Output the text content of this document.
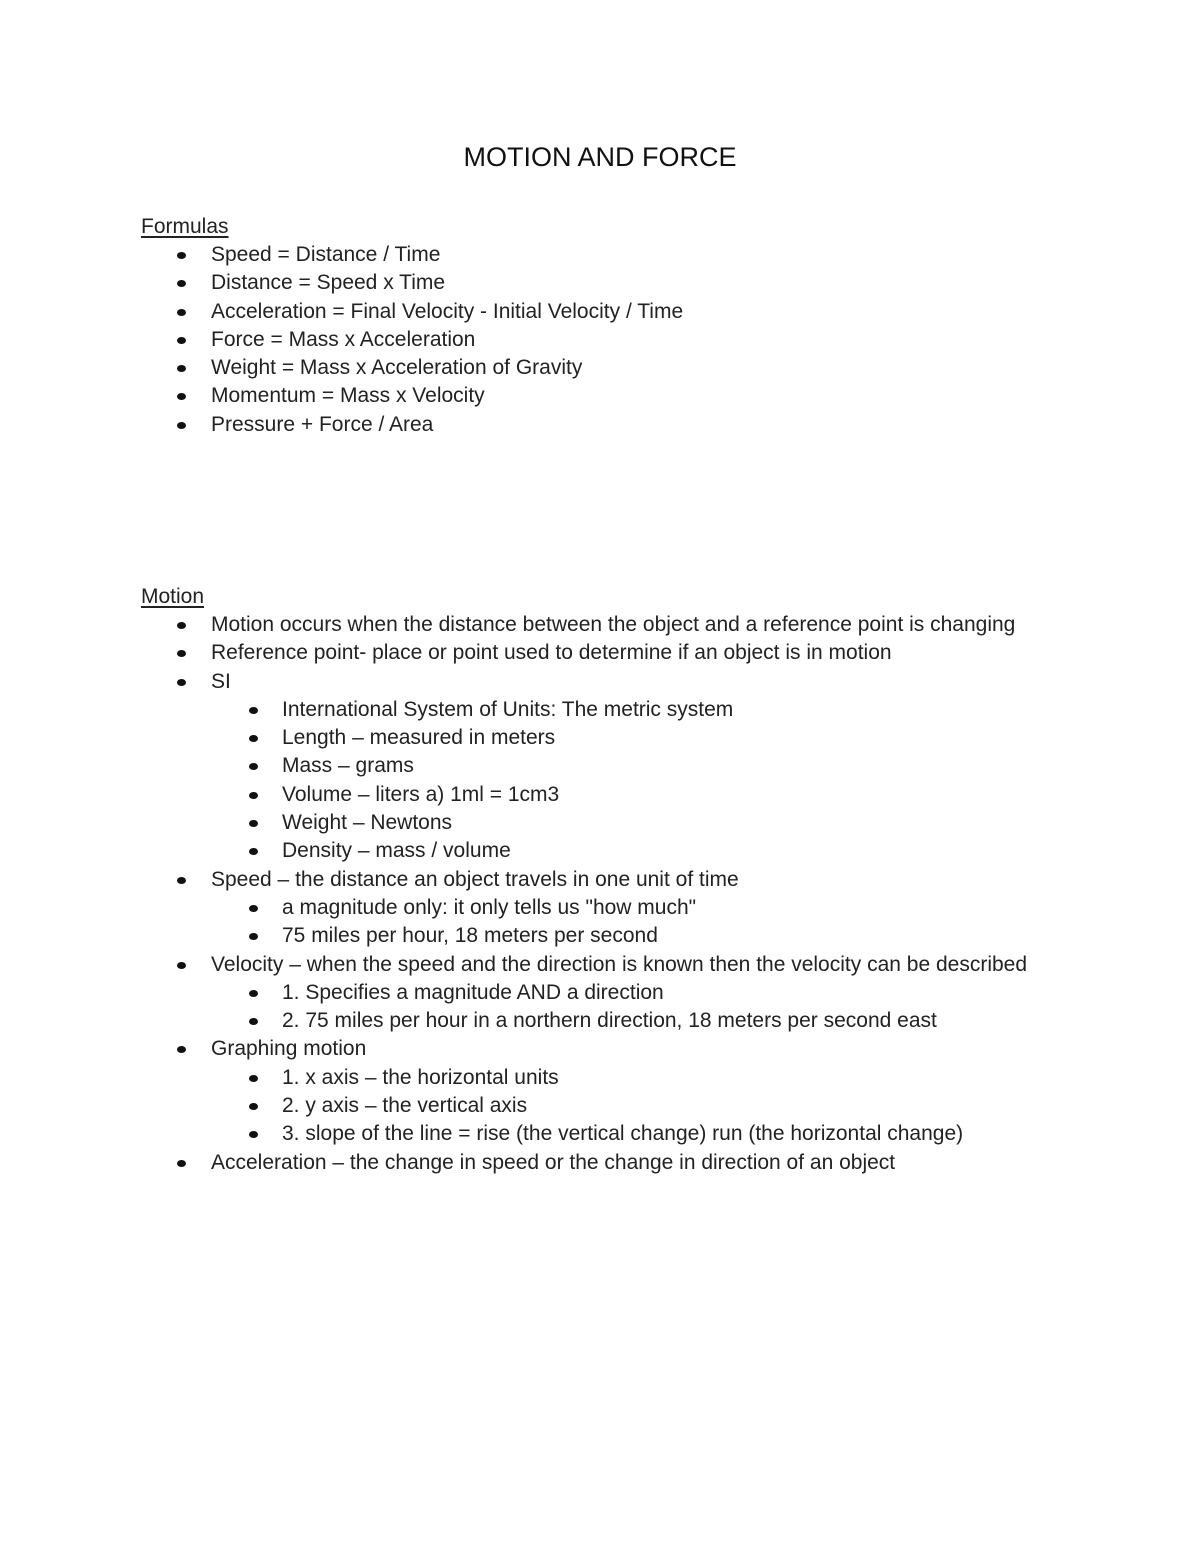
MOTION AND FORCE
Formulas
Speed = Distance / Time
Distance = Speed x Time
Acceleration = Final Velocity - Initial Velocity / Time
Force = Mass x Acceleration
Weight = Mass x Acceleration of Gravity
Momentum = Mass x Velocity
Pressure + Force / Area
Motion
Motion occurs when the distance between the object and a reference point is changing
Reference point- place or point used to determine if an object is in motion
SI
International System of Units: The metric system
Length – measured in meters
Mass – grams
Volume – liters a) 1ml = 1cm3
Weight – Newtons
Density – mass / volume
Speed – the distance an object travels in one unit of time
a magnitude only: it only tells us "how much"
75 miles per hour, 18 meters per second
Velocity – when the speed and the direction is known then the velocity can be described
1. Specifies a magnitude AND a direction
2. 75 miles per hour in a northern direction, 18 meters per second east
Graphing motion
1. x axis – the horizontal units
2. y axis – the vertical axis
3. slope of the line = rise (the vertical change) run (the horizontal change)
Acceleration – the change in speed or the change in direction of an object
